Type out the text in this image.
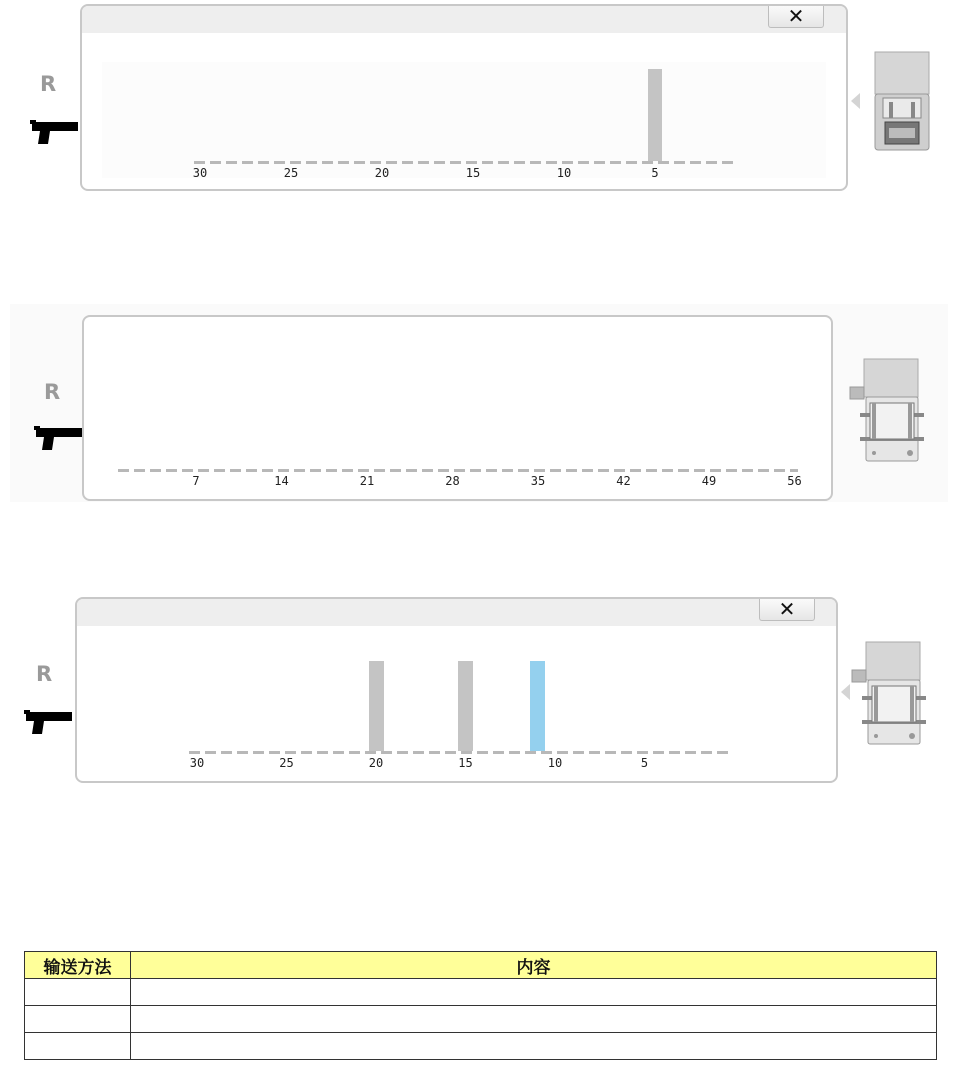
R
✕
30	25	20	15	10	5
R
7	14	21	28	35	42	49	56
R
✕
30	25	20	15	10	5
输送方法	内容
